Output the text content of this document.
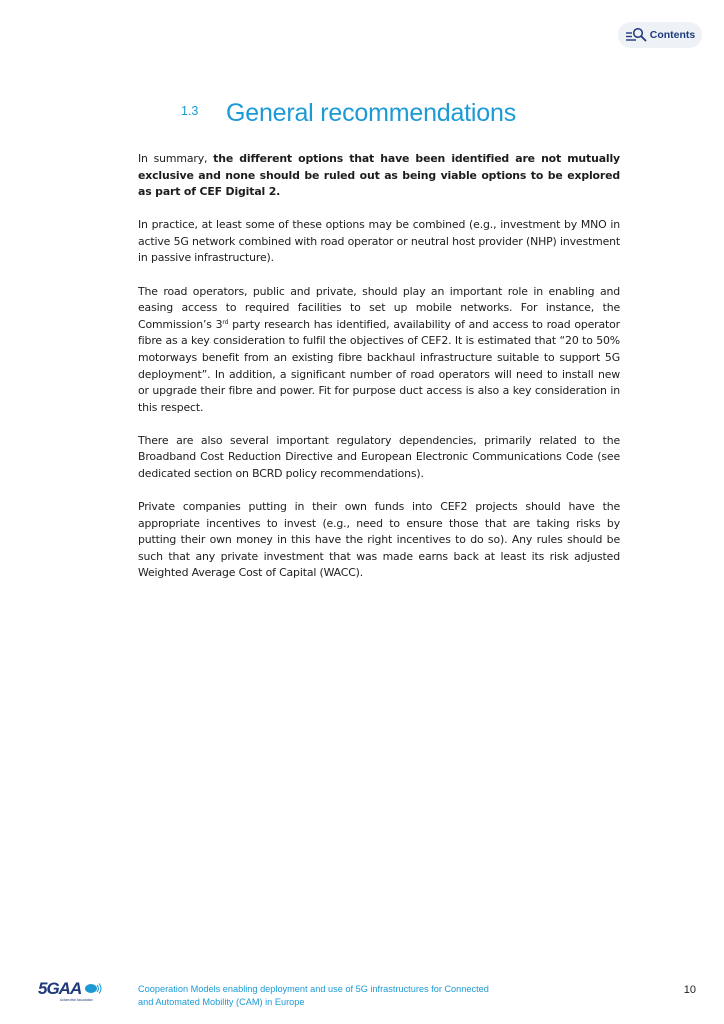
Contents
1.3	General recommendations

In summary, the different options that have been identified are not mutually exclusive and none should be ruled out as being viable options to be explored as part of CEF Digital 2.

In practice, at least some of these options may be combined (e.g., investment by MNO in active 5G network combined with road operator or neutral host provider (NHP) investment in passive infrastructure).

The road operators, public and private, should play an important role in enabling and easing access to required facilities to set up mobile networks. For instance, the Commission’s 3rd party research has identified, availability of and access to road operator fibre as a key consideration to fulfil the objectives of CEF2. It is estimated that “20 to 50% motorways benefit from an existing fibre backhaul infrastructure suitable to support 5G deployment”. In addition, a significant number of road operators will need to install new or upgrade their fibre and power. Fit for purpose duct access is also a key consideration in this respect.

There are also several important regulatory dependencies, primarily related to the Broadband Cost Reduction Directive and European Electronic Communications Code (see dedicated section on BCRD policy recommendations).

Private companies putting in their own funds into CEF2 projects should have the appropriate incentives to invest (e.g., need to ensure those that are taking risks by putting their own money in this have the right incentives to do so). Any rules should be such that any private investment that was made earns back at least its risk adjusted Weighted Average Cost of Capital (WACC).

5GAA
Automotive Association
Cooperation Models enabling deployment and use of 5G infrastructures for Connected
and Automated Mobility (CAM) in Europe
10
